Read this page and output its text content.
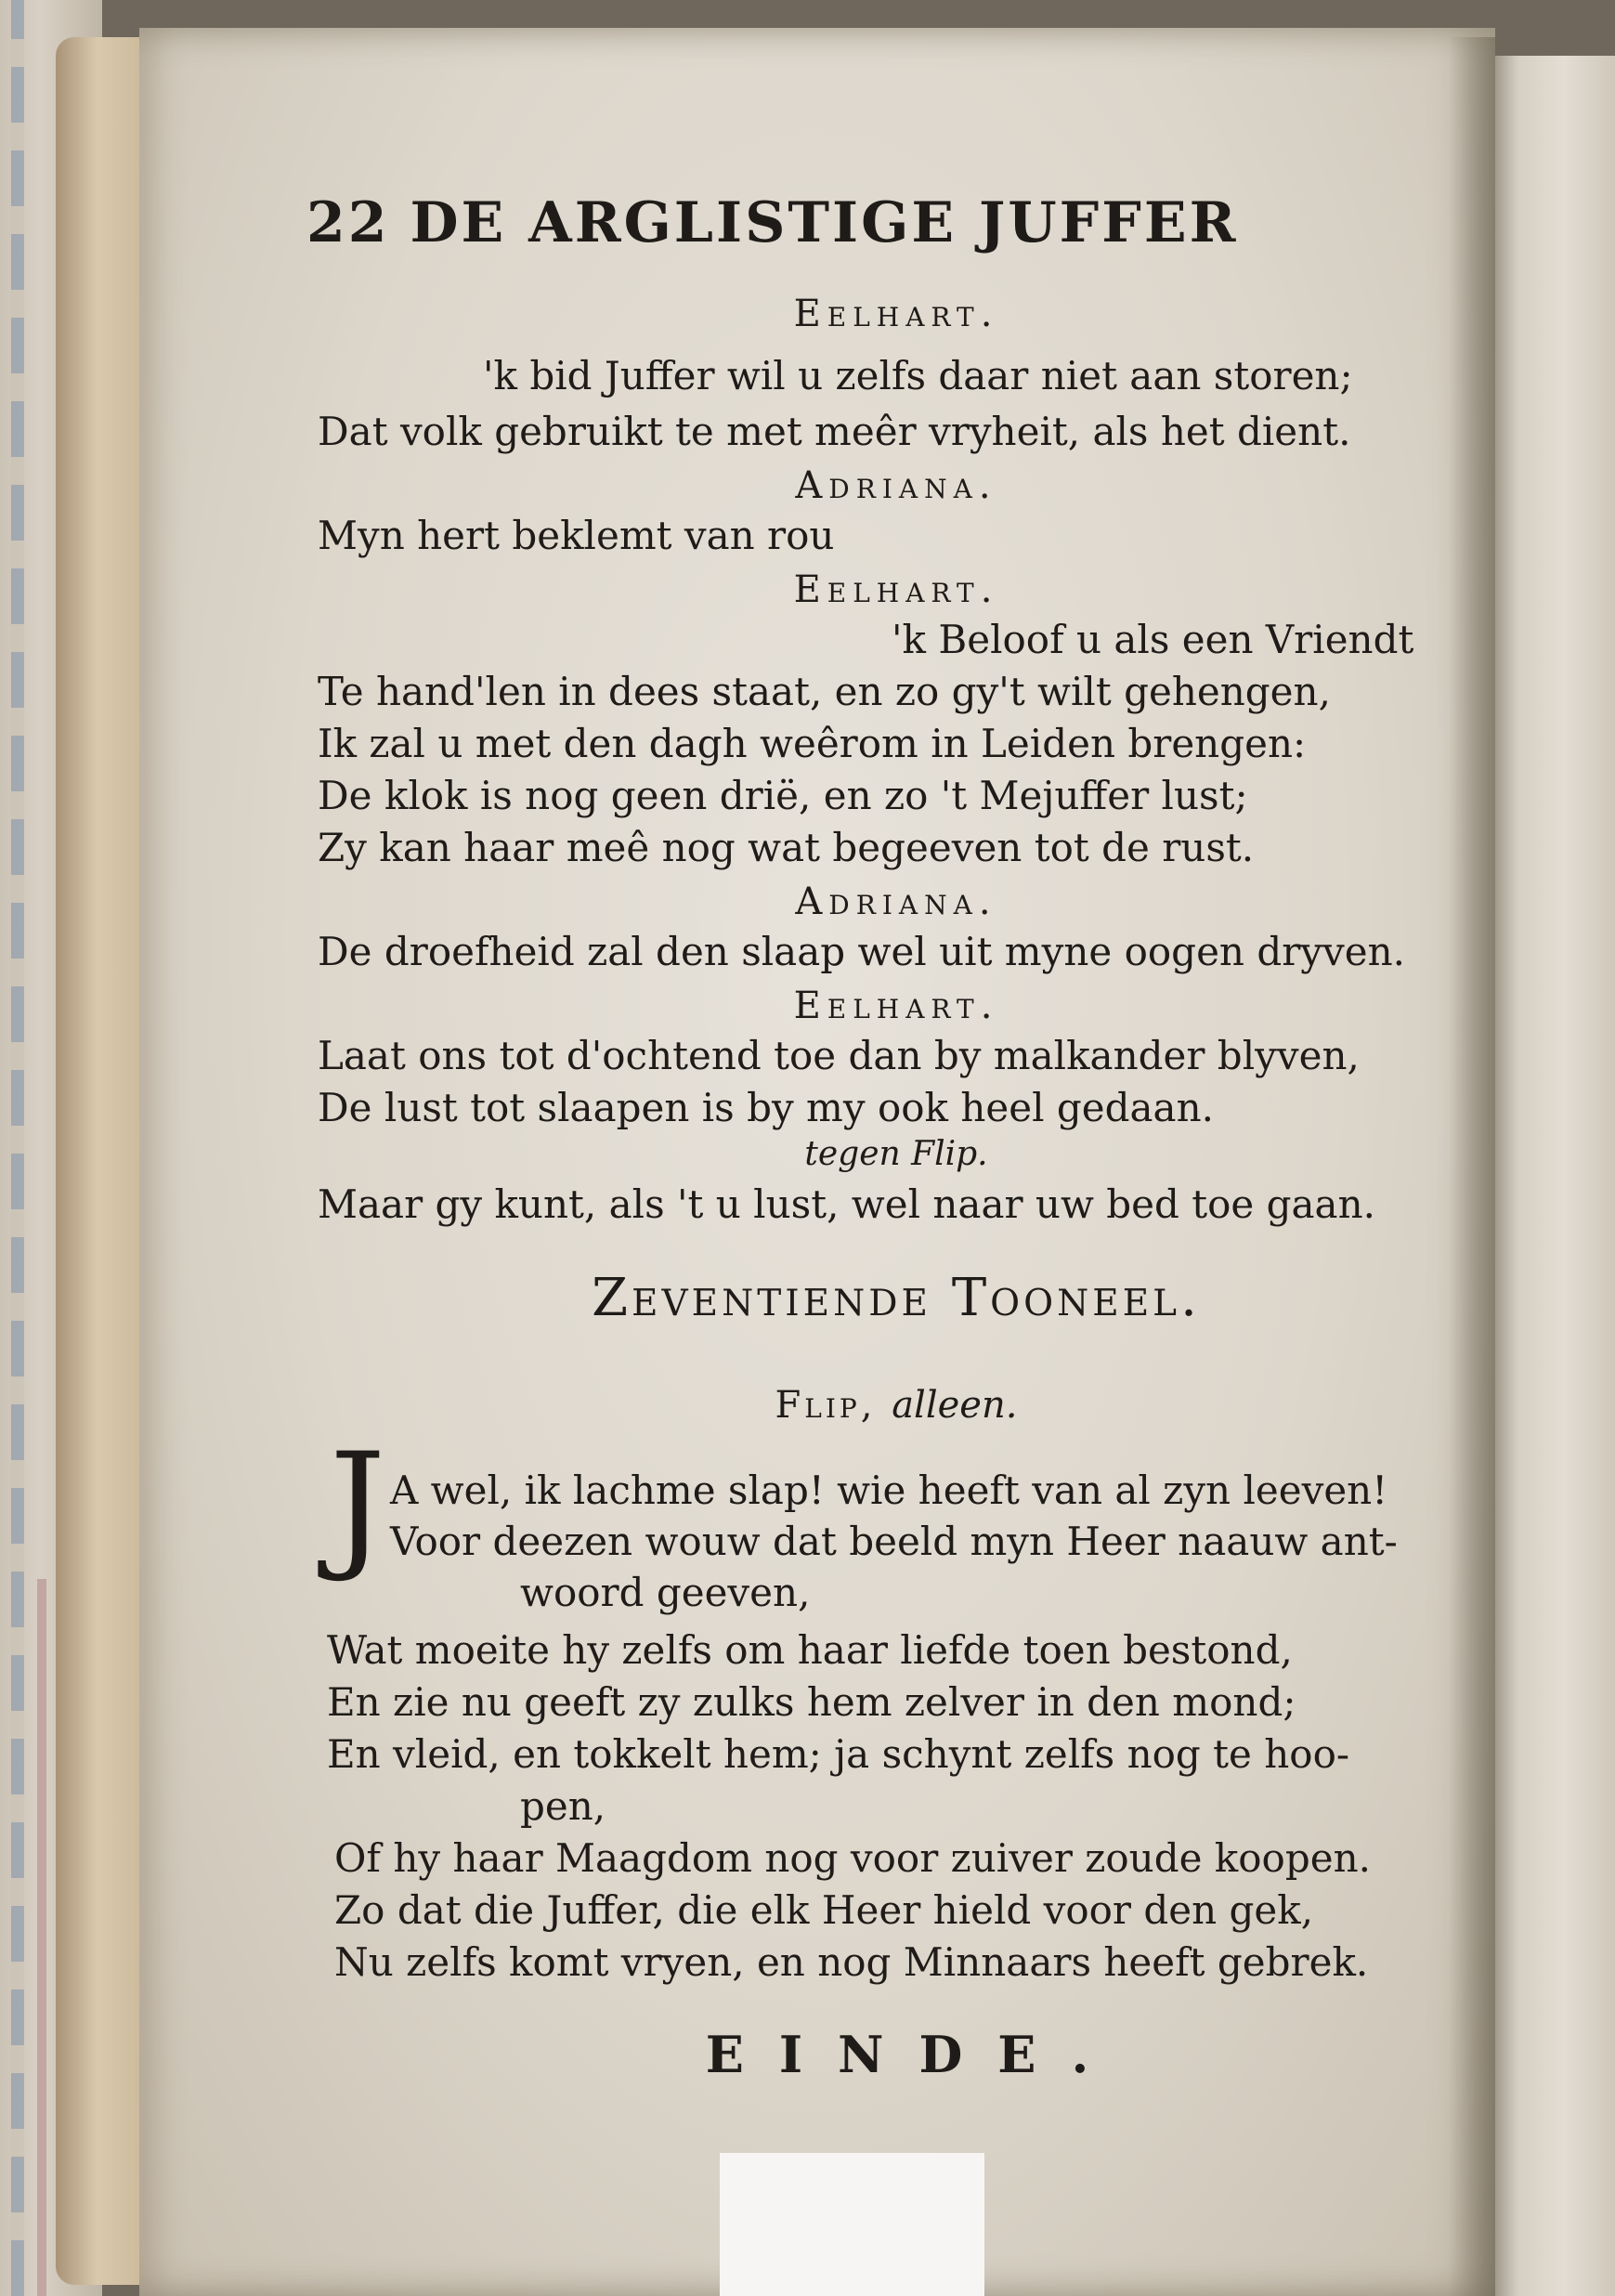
22 DE ARGLISTIGE JUFFER
Eelhart.
'k bid Juffer wil u zelfs daar niet aan storen;
Dat volk gebruikt te met meêr vryheit, als het dient.
Adriana.
Myn hert beklemt van rou
Eelhart.
'k Beloof u als een Vriendt
Te hand'len in dees staat, en zo gy't wilt gehengen,
Ik zal u met den dagh weêrom in Leiden brengen:
De klok is nog geen drië, en zo 't Mejuffer lust;
Zy kan haar meê nog wat begeeven tot de rust.
Adriana.
De droefheid zal den slaap wel uit myne oogen dryven.
Eelhart.
Laat ons tot d'ochtend toe dan by malkander blyven,
De lust tot slaapen is by my ook heel gedaan.
tegen Flip.
Maar gy kunt, als 't u lust, wel naar uw bed toe gaan.
Zeventiende Tooneel.
Flip, alleen.
J A wel, ik lachme slap! wie heeft van al zyn leeven!
Voor deezen wouw dat beeld myn Heer naauw ant-
woord geeven,
Wat moeite hy zelfs om haar liefde toen bestond,
En zie nu geeft zy zulks hem zelver in den mond;
En vleid, en tokkelt hem; ja schynt zelfs nog te hoo-
pen,
Of hy haar Maagdom nog voor zuiver zoude koopen.
Zo dat die Juffer, die elk Heer hield voor den gek,
Nu zelfs komt vryen, en nog Minnaars heeft gebrek.
EINDE.
